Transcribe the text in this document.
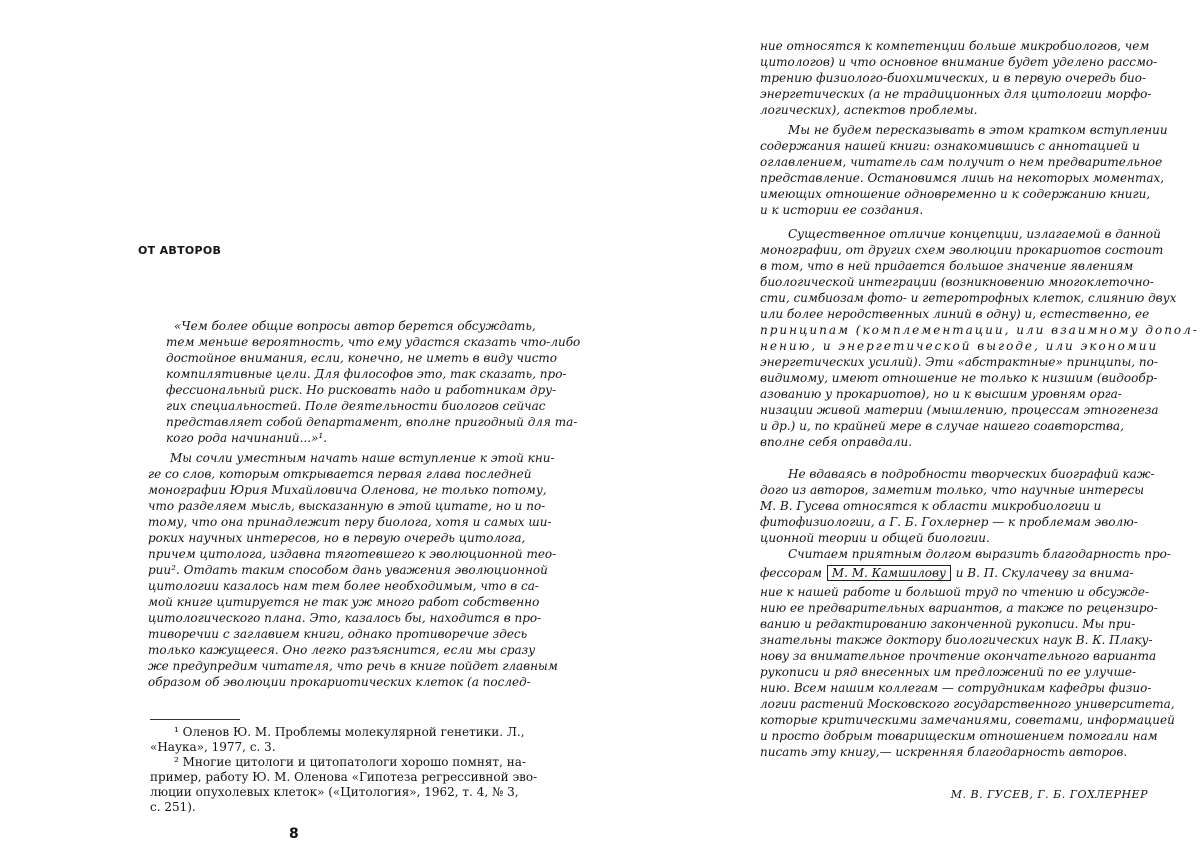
ОТ АВТОРОВ
«Чем более общие вопросы автор берется обсуждать,
тем меньше вероятность, что ему удастся сказать что-либо
достойное внимания, если, конечно, не иметь в виду чисто
компилятивные цели. Для философов это, так сказать, про-
фессиональный риск. Но рисковать надо и работникам дру-
гих специальностей. Поле деятельности биологов сейчас
представляет собой департамент, вполне пригодный для та-
кого рода начинаний...»¹.
Мы сочли уместным начать наше вступление к этой кни-
ге со слов, которым открывается первая глава последней
монографии Юрия Михайловича Оленова, не только потому,
что разделяем мысль, высказанную в этой цитате, но и по-
тому, что она принадлежит перу биолога, хотя и самых ши-
роких научных интересов, но в первую очередь цитолога,
причем цитолога, издавна тяготевшего к эволюционной тео-
рии². Отдать таким способом дань уважения эволюционной
цитологии казалось нам тем более необходимым, что в са-
мой книге цитируется не так уж много работ собственно
цитологического плана. Это, казалось бы, находится в про-
тиворечии с заглавием книги, однако противоречие здесь
только кажущееся. Оно легко разъяснится, если мы сразу
же предупредим читателя, что речь в книге пойдет главным
образом об эволюции прокариотических клеток (а послед-
¹ Оленов Ю. М. Проблемы молекулярной генетики. Л.,
«Наука», 1977, с. 3.
² Многие цитологи и цитопатологи хорошо помнят, на-
пример, работу Ю. М. Оленова «Гипотеза регрессивной эво-
люции опухолевых клеток» («Цитология», 1962, т. 4, № 3,
с. 251).
8
ние относятся к компетенции больше микробиологов, чем
цитологов) и что основное внимание будет уделено рассмо-
трению физиолого-биохимических, и в первую очередь био-
энергетических (а не традиционных для цитологии морфо-
логических), аспектов проблемы.
Мы не будем пересказывать в этом кратком вступлении
содержания нашей книги: ознакомившись с аннотацией и
оглавлением, читатель сам получит о нем предварительное
представление. Остановимся лишь на некоторых моментах,
имеющих отношение одновременно и к содержанию книги,
и к истории ее создания.
Существенное отличие концепции, излагаемой в данной
монографии, от других схем эволюции прокариотов состоит
в том, что в ней придается большое значение явлениям
биологической интеграции (возникновению многоклеточно-
сти, симбиозам фото- и гетеротрофных клеток, слиянию двух
или более неродственных линий в одну) и, естественно, ее
принципам (комплементации, или взаимному допол-
нению, и энергетической выгоде, или экономии
энергетических усилий). Эти «абстрактные» принципы, по-
видимому, имеют отношение не только к низшим (видообр-
азованию у прокариотов), но и к высшим уровням орга-
низации живой материи (мышлению, процессам этногенеза
и др.) и, по крайней мере в случае нашего соавторства,
вполне себя оправдали.
Не вдаваясь в подробности творческих биографий каж-
дого из авторов, заметим только, что научные интересы
М. В. Гусева относятся к области микробиологии и
фитофизиологии, а Г. Б. Гохлернер — к проблемам эволю-
ционной теории и общей биологии.
Считаем приятным долгом выразить благодарность про-
фессорам М. М. Камшилову и В. П. Скулачеву за внима-
ние к нашей работе и большой труд по чтению и обсужде-
нию ее предварительных вариантов, а также по рецензиро-
ванию и редактированию законченной рукописи. Мы при-
знательны также доктору биологических наук В. К. Плаку-
нову за внимательное прочтение окончательного варианта
рукописи и ряд внесенных им предложений по ее улучше-
нию. Всем нашим коллегам — сотрудникам кафедры физио-
логии растений Московского государственного университета,
которые критическими замечаниями, советами, информацией
и просто добрым товарищеским отношением помогали нам
писать эту книгу,— искренняя благодарность авторов.
М. В. ГУСЕВ, Г. Б. ГОХЛЕРНЕР
